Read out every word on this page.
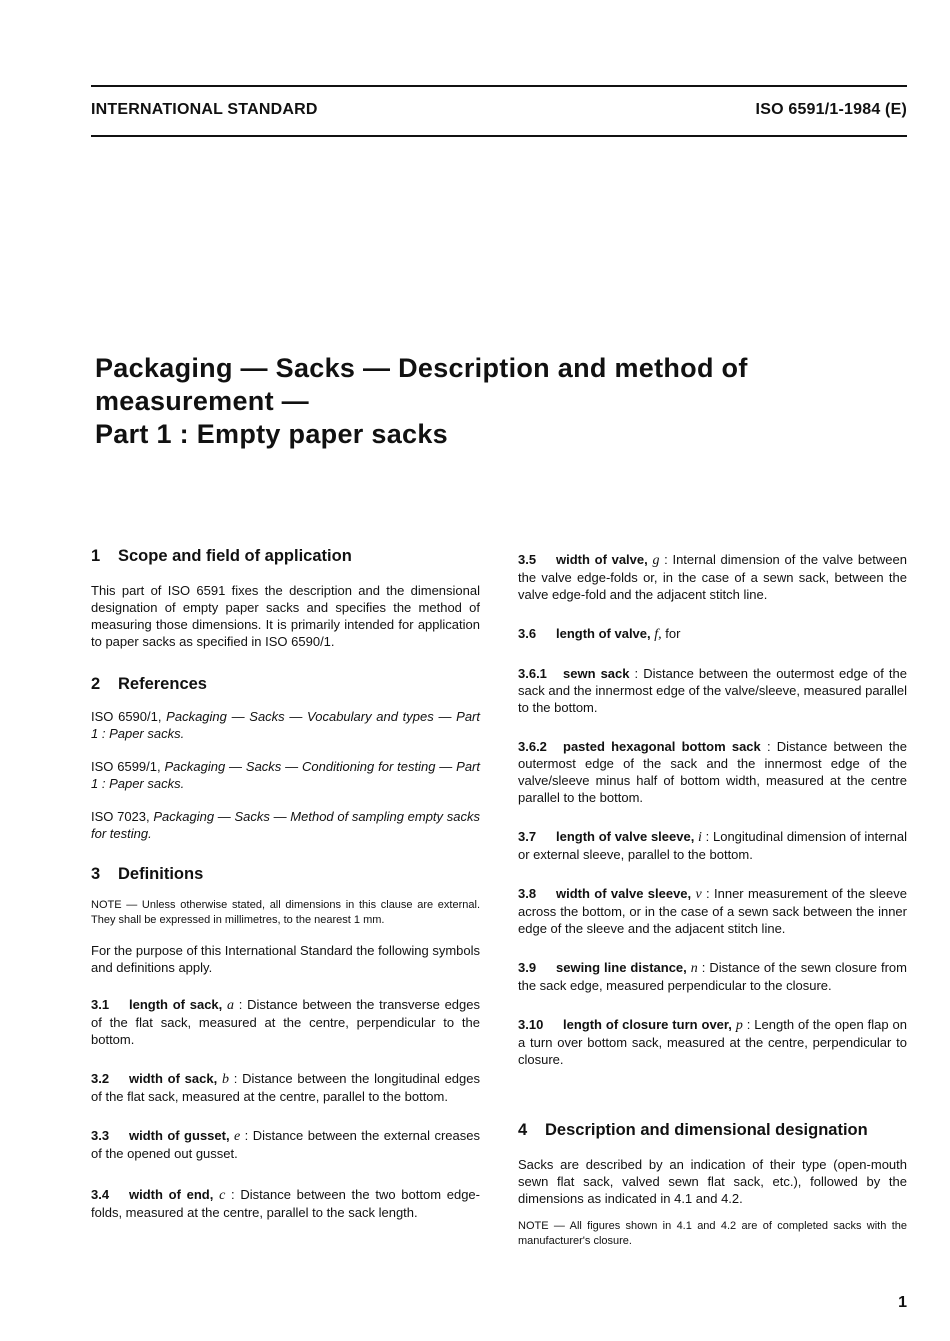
INTERNATIONAL STANDARD	ISO 6591/1-1984 (E)
Packaging — Sacks — Description and method of
measurement —
Part 1 : Empty paper sacks
1 Scope and field of application

This part of ISO 6591 fixes the description and the dimensional designation of empty paper sacks and specifies the method of measuring those dimensions. It is primarily intended for application to paper sacks as specified in ISO 6590/1.

2 References

ISO 6590/1, Packaging — Sacks — Vocabulary and types — Part 1 : Paper sacks.

ISO 6599/1, Packaging — Sacks — Conditioning for testing — Part 1 : Paper sacks.

ISO 7023, Packaging — Sacks — Method of sampling empty sacks for testing.

3 Definitions

NOTE — Unless otherwise stated, all dimensions in this clause are external. They shall be expressed in millimetres, to the nearest 1 mm.

For the purpose of this International Standard the following symbols and definitions apply.

3.1 length of sack, a : Distance between the transverse edges of the flat sack, measured at the centre, perpendicular to the bottom.

3.2 width of sack, b : Distance between the longitudinal edges of the flat sack, measured at the centre, parallel to the bottom.

3.3 width of gusset, e : Distance between the external creases of the opened out gusset.

3.4 width of end, c : Distance between the two bottom edge-folds, measured at the centre, parallel to the sack length.

3.5 width of valve, g : Internal dimension of the valve between the valve edge-folds or, in the case of a sewn sack, between the valve edge-fold and the adjacent stitch line.

3.6 length of valve, f, for

3.6.1 sewn sack : Distance between the outermost edge of the sack and the innermost edge of the valve/sleeve, measured parallel to the bottom.

3.6.2 pasted hexagonal bottom sack : Distance between the outermost edge of the sack and the innermost edge of the valve/sleeve minus half of bottom width, measured at the centre parallel to the bottom.

3.7 length of valve sleeve, i : Longitudinal dimension of internal or external sleeve, parallel to the bottom.

3.8 width of valve sleeve, v : Inner measurement of the sleeve across the bottom, or in the case of a sewn sack between the inner edge of the sleeve and the adjacent stitch line.

3.9 sewing line distance, n : Distance of the sewn closure from the sack edge, measured perpendicular to the closure.

3.10 length of closure turn over, p : Length of the open flap on a turn over bottom sack, measured at the centre, perpendicular to closure.

4 Description and dimensional designation

Sacks are described by an indication of their type (open-mouth sewn flat sack, valved sewn flat sack, etc.), followed by the dimensions as indicated in 4.1 and 4.2.

NOTE — All figures shown in 4.1 and 4.2 are of completed sacks with the manufacturer's closure.

1
